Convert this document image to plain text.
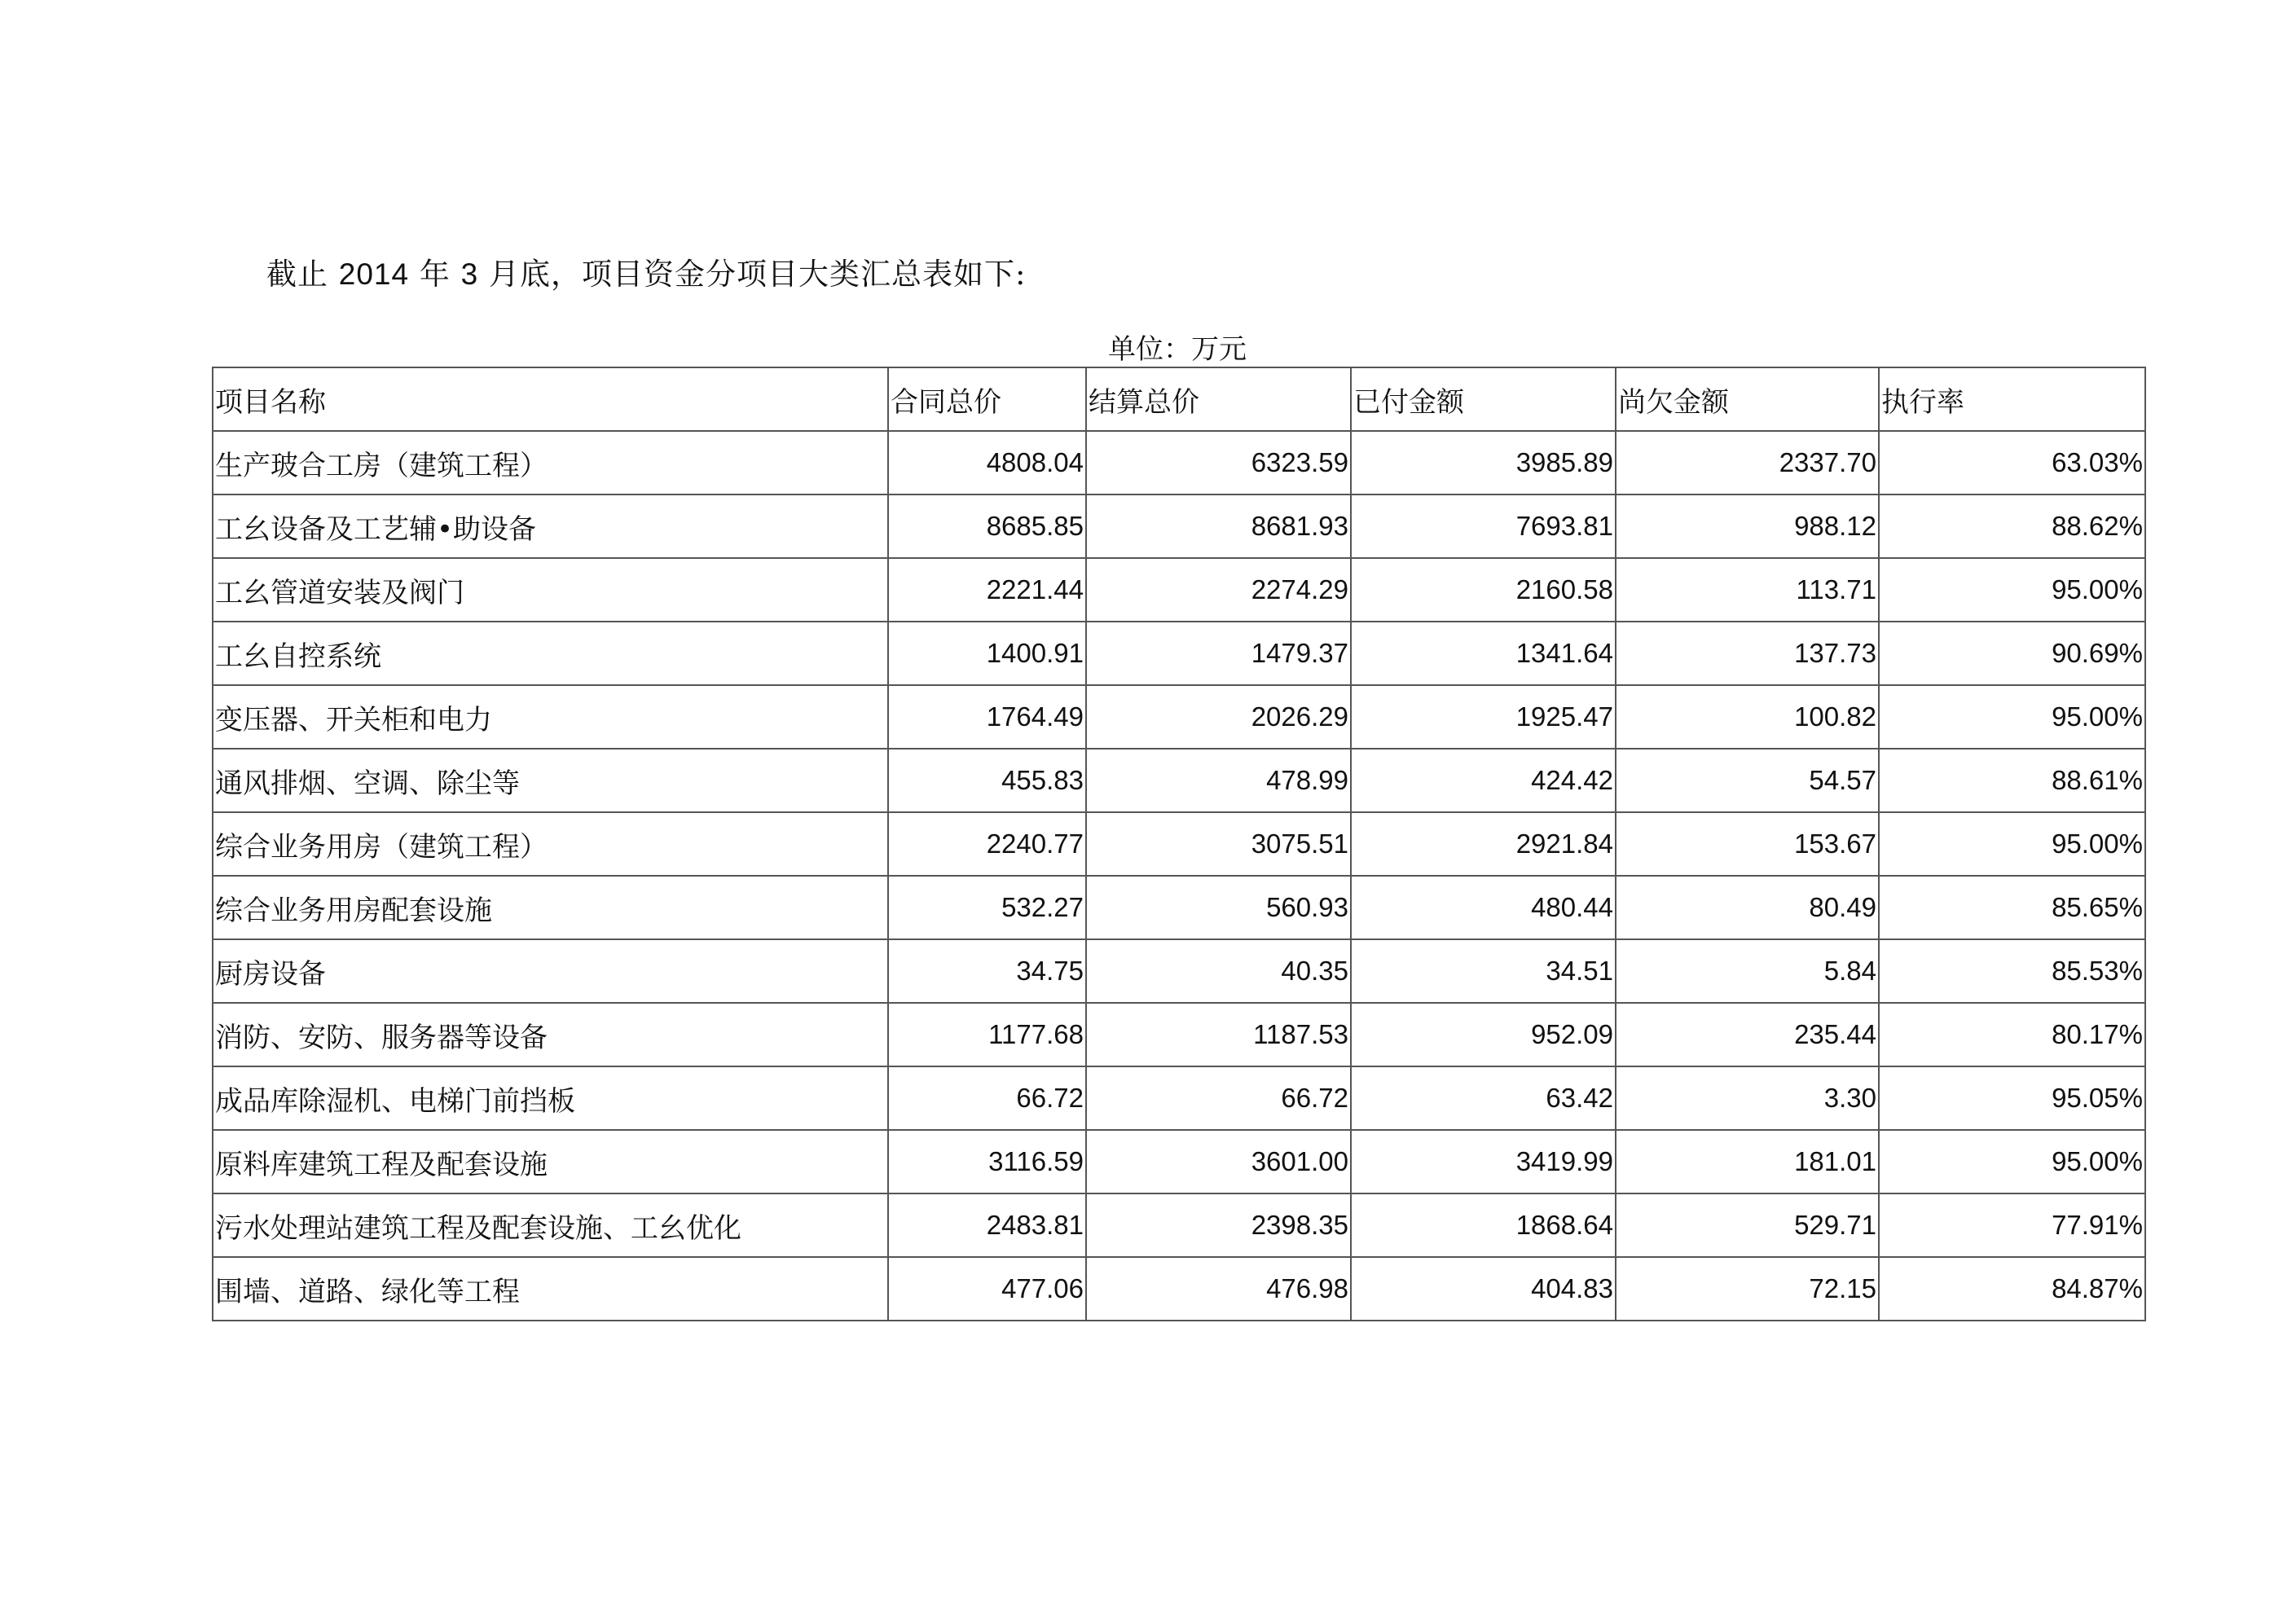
截止 2014 年 3 月底，项目资金分项目大类汇总表如下:
单位：万元
项目名称	合同总价	结算总价	已付金额	尚欠金额	执行率
生产玻合工房（建筑工程）	4808.04	6323.59	3985.89	2337.70	63.03%
工幺设备及工艺辅•助设备	8685.85	8681.93	7693.81	988.12	88.62%
工幺管道安装及阀门	2221.44	2274.29	2160.58	113.71	95.00%
工幺自控系统	1400.91	1479.37	1341.64	137.73	90.69%
变压器、开关柜和电力	1764.49	2026.29	1925.47	100.82	95.00%
通风排烟、空调、除尘等	455.83	478.99	424.42	54.57	88.61%
综合业务用房（建筑工程）	2240.77	3075.51	2921.84	153.67	95.00%
综合业务用房配套设施	532.27	560.93	480.44	80.49	85.65%
厨房设备	34.75	40.35	34.51	5.84	85.53%
消防、安防、服务器等设备	1177.68	1187.53	952.09	235.44	80.17%
成品库除湿机、电梯门前挡板	66.72	66.72	63.42	3.30	95.05%
原料库建筑工程及配套设施	3116.59	3601.00	3419.99	181.01	95.00%
污水处理站建筑工程及配套设施、工幺优化	2483.81	2398.35	1868.64	529.71	77.91%
围墙、道路、绿化等工程	477.06	476.98	404.83	72.15	84.87%
